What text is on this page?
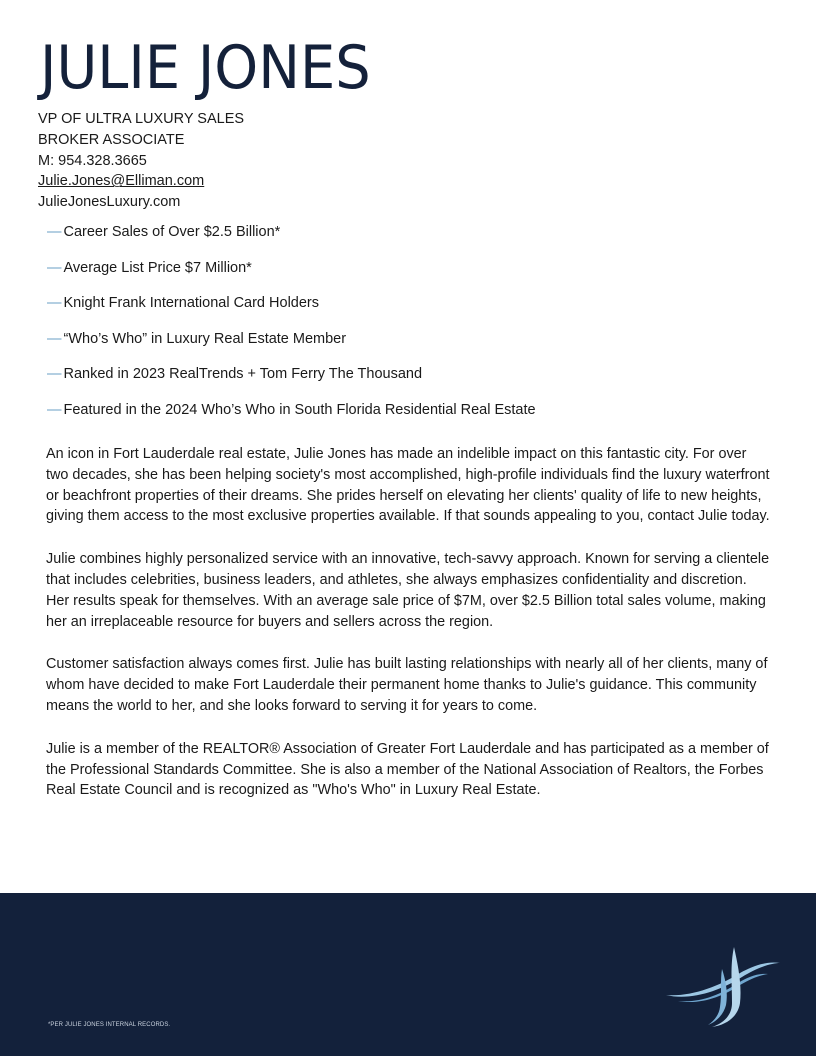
JULIE JONES
VP OF ULTRA LUXURY SALES
BROKER ASSOCIATE
M: 954.328.3665
Julie.Jones@Elliman.com
JulieJonesLuxury.com
— Career Sales of Over $2.5 Billion*
— Average List Price $7 Million*
— Knight Frank International Card Holders
— “Who’s Who” in Luxury Real Estate Member
— Ranked in 2023 RealTrends + Tom Ferry The Thousand
— Featured in the 2024 Who’s Who in South Florida Residential Real Estate

An icon in Fort Lauderdale real estate, Julie Jones has made an indelible impact on this fantastic city. For over two decades, she has been helping society's most accomplished, high-profile individuals find the luxury waterfront or beachfront properties of their dreams. She prides herself on elevating her clients' quality of life to new heights, giving them access to the most exclusive properties available. If that sounds appealing to you, contact Julie today.

Julie combines highly personalized service with an innovative, tech-savvy approach. Known for serving a clientele that includes celebrities, business leaders, and athletes, she always emphasizes confidentiality and discretion. Her results speak for themselves. With an average sale price of $7M, over $2.5 Billion total sales volume, making her an irreplaceable resource for buyers and sellers across the region.

Customer satisfaction always comes first. Julie has built lasting relationships with nearly all of her clients, many of whom have decided to make Fort Lauderdale their permanent home thanks to Julie's guidance. This community means the world to her, and she looks forward to serving it for years to come.

Julie is a member of the REALTOR® Association of Greater Fort Lauderdale and has participated as a member of the Professional Standards Committee. She is also a member of the National Association of Realtors, the Forbes Real Estate Council and is recognized as "Who's Who" in Luxury Real Estate.

*PER JULIE JONES INTERNAL RECORDS.
